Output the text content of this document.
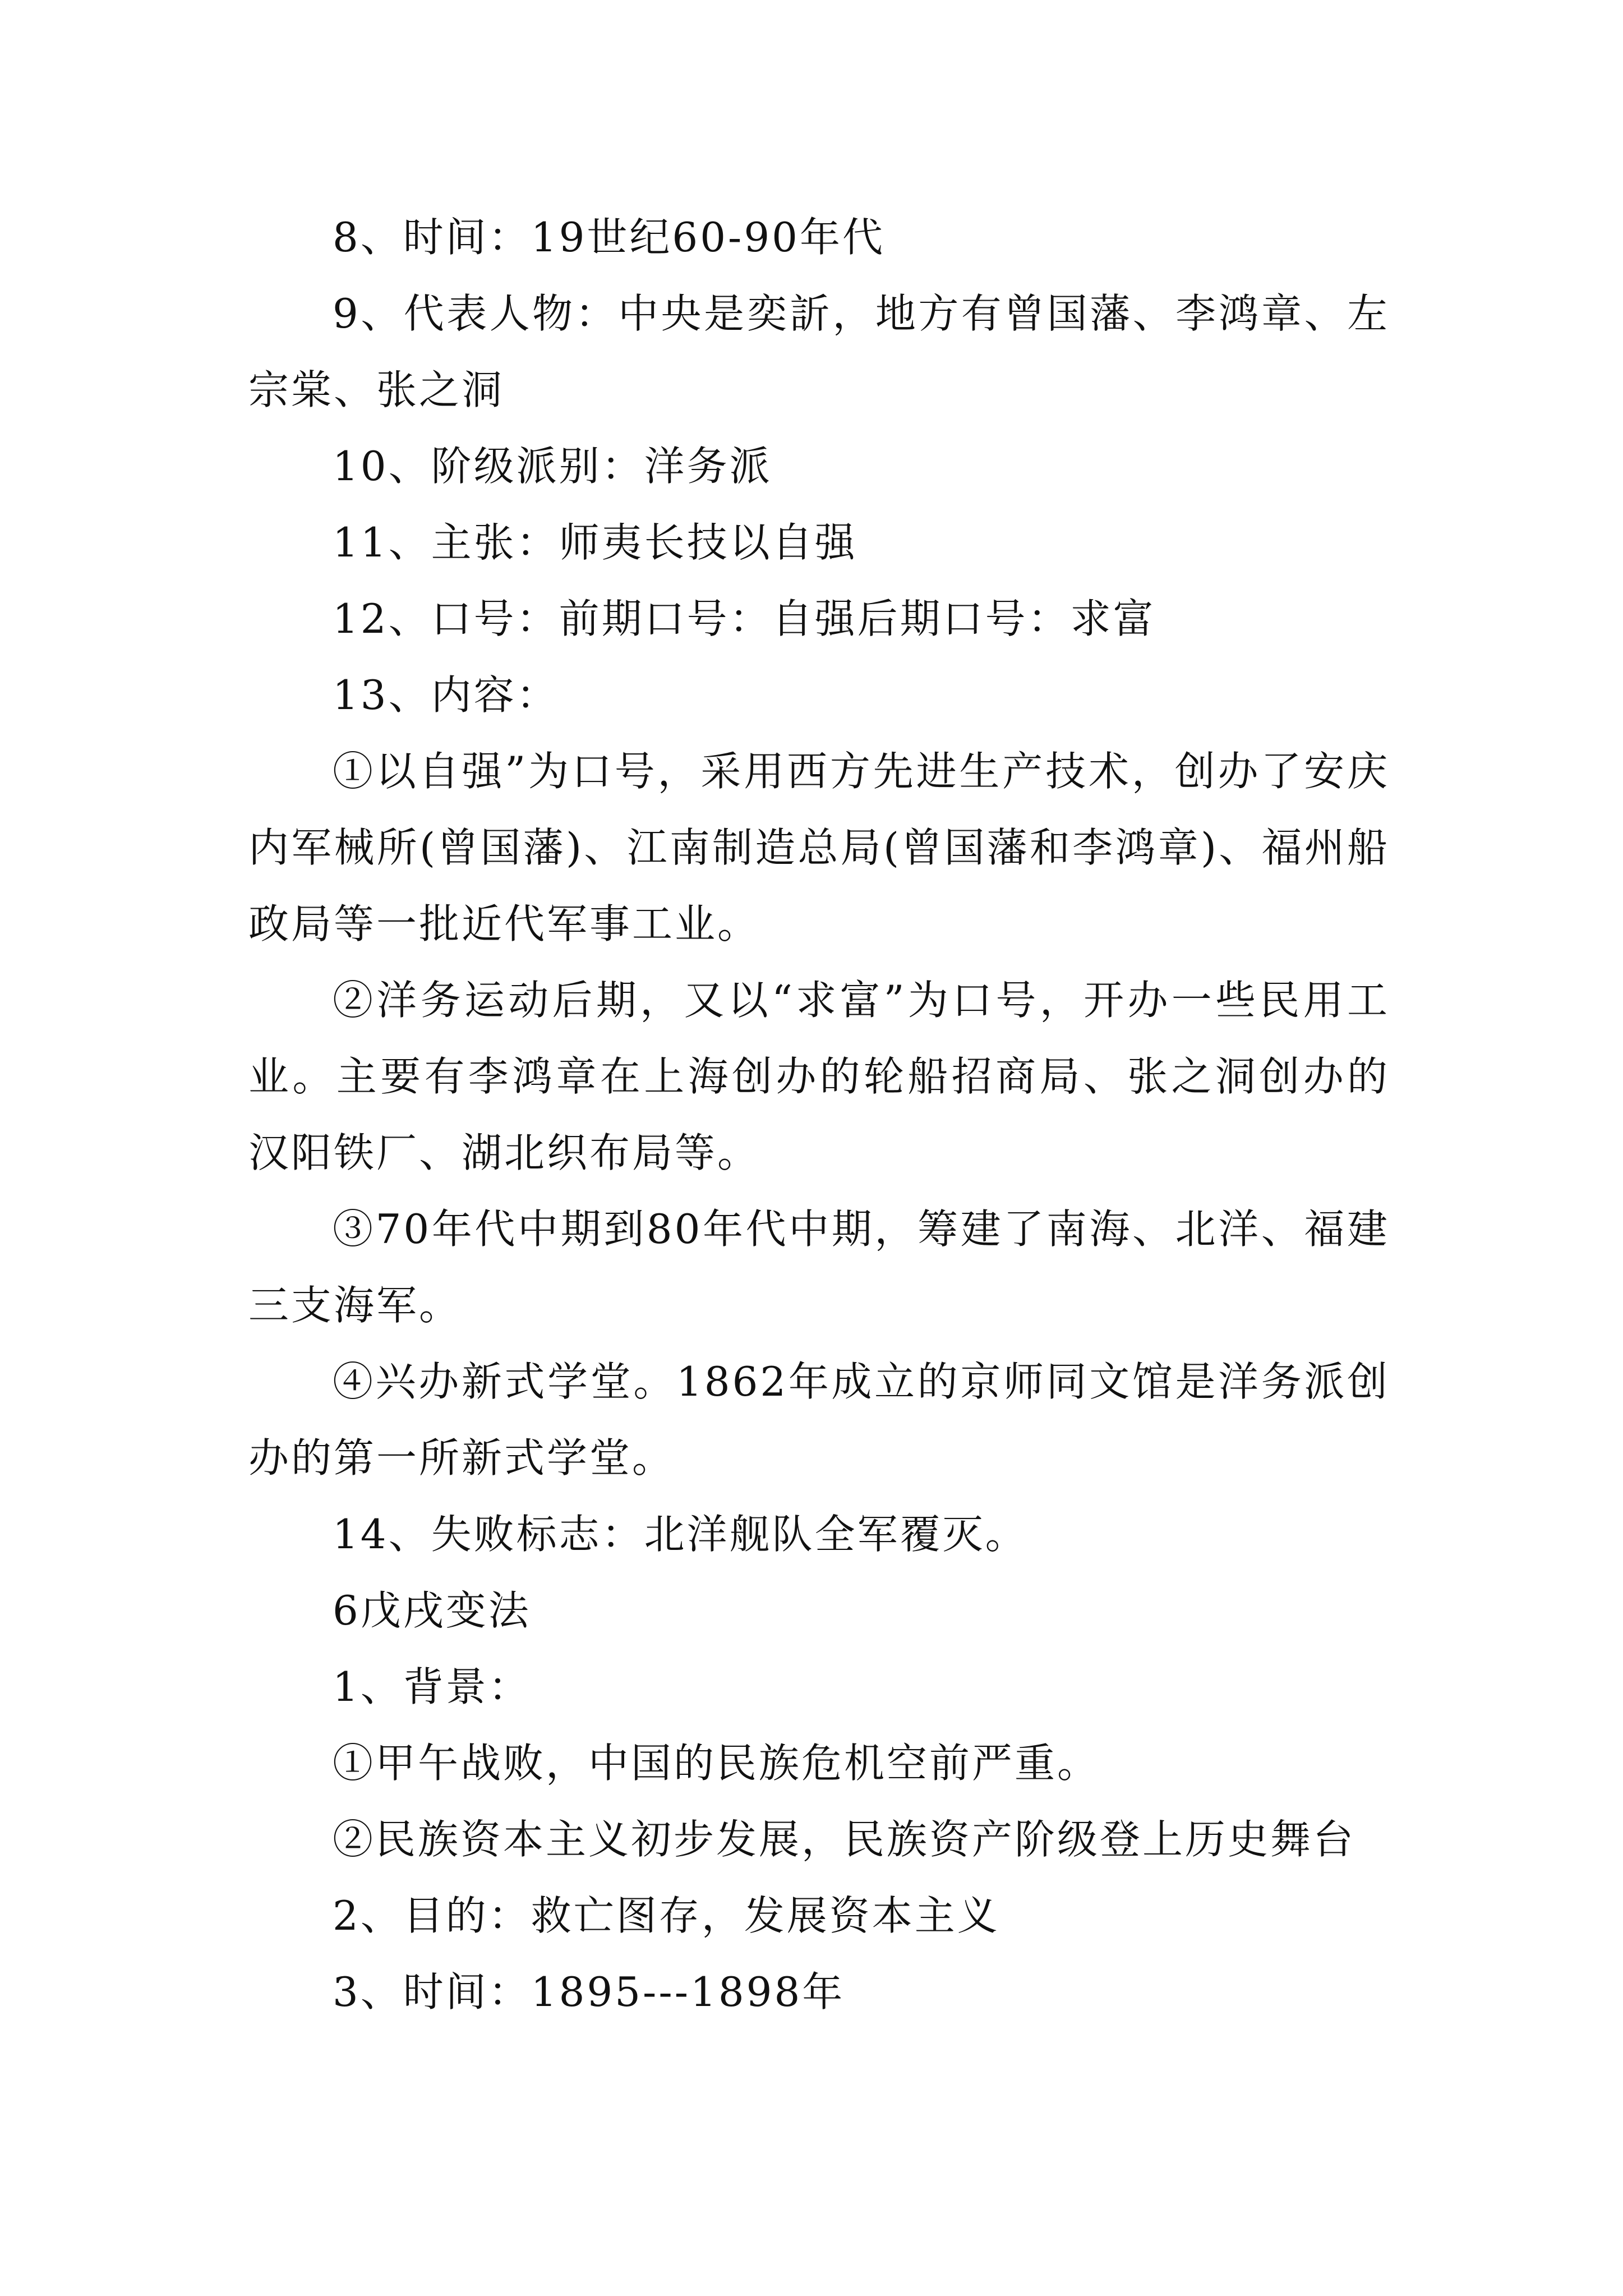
8、时间：19世纪60-90年代

9、代表人物：中央是奕訢，地方有曾国藩、李鸿章、左宗棠、张之洞

10、阶级派别：洋务派

11、主张：师夷长技以自强

12、口号：前期口号：自强后期口号：求富

13、内容：

①以自强”为口号，采用西方先进生产技术，创办了安庆内军械所(曾国藩)、江南制造总局(曾国藩和李鸿章)、福州船政局等一批近代军事工业。

②洋务运动后期，又以“求富”为口号，开办一些民用工业。主要有李鸿章在上海创办的轮船招商局、张之洞创办的汉阳铁厂、湖北织布局等。

③70年代中期到80年代中期，筹建了南海、北洋、福建三支海军。

④兴办新式学堂。1862年成立的京师同文馆是洋务派创办的第一所新式学堂。

14、失败标志：北洋舰队全军覆灭。

6戊戌变法

1、背景：

①甲午战败，中国的民族危机空前严重。

②民族资本主义初步发展，民族资产阶级登上历史舞台

2、目的：救亡图存，发展资本主义

3、时间：1895---1898年
